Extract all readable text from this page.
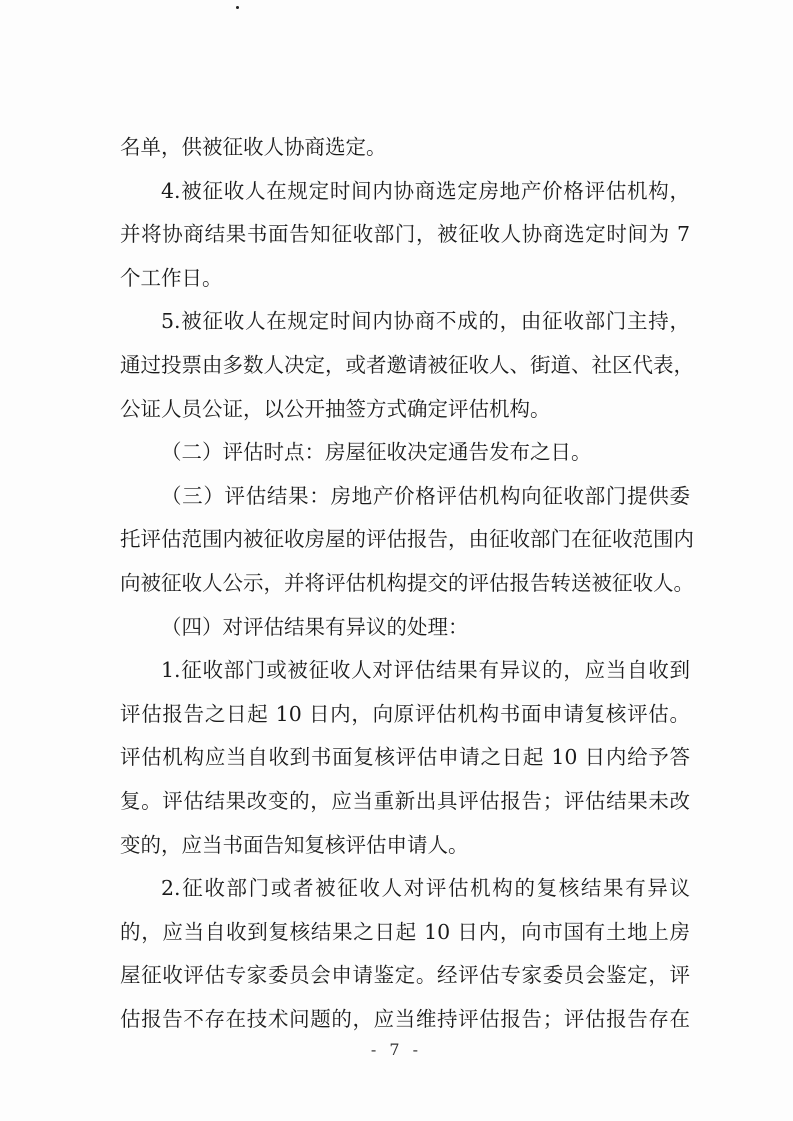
名单，供被征收人协商选定。
4.被征收人在规定时间内协商选定房地产价格评估机构，
并将协商结果书面告知征收部门，被征收人协商选定时间为 7
个工作日。
5.被征收人在规定时间内协商不成的，由征收部门主持，
通过投票由多数人决定，或者邀请被征收人、街道、社区代表，
公证人员公证，以公开抽签方式确定评估机构。
（二）评估时点：房屋征收决定通告发布之日。
（三）评估结果：房地产价格评估机构向征收部门提供委
托评估范围内被征收房屋的评估报告，由征收部门在征收范围内
向被征收人公示，并将评估机构提交的评估报告转送被征收人。
（四）对评估结果有异议的处理：
1.征收部门或被征收人对评估结果有异议的，应当自收到
评估报告之日起 10 日内，向原评估机构书面申请复核评估。
评估机构应当自收到书面复核评估申请之日起 10 日内给予答
复。评估结果改变的，应当重新出具评估报告；评估结果未改
变的，应当书面告知复核评估申请人。
2.征收部门或者被征收人对评估机构的复核结果有异议
的，应当自收到复核结果之日起 10 日内，向市国有土地上房
屋征收评估专家委员会申请鉴定。经评估专家委员会鉴定，评
估报告不存在技术问题的，应当维持评估报告；评估报告存在
- 7 -
